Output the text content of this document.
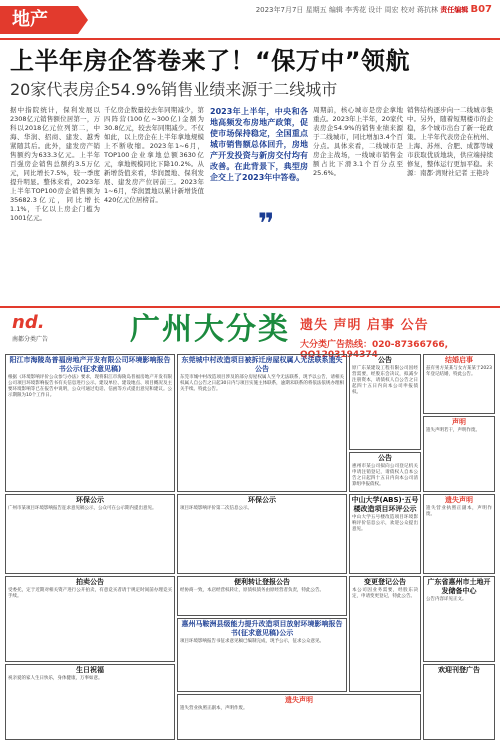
地产	2023年7月7日 星期五 编辑 李秀花 设计 周宏 校对 蒋抗林 责任编辑 B07
上半年房企答卷来了！“保万中”领航
20家代表房企54.9%销售业绩来源于二线城市
据中指院统计，保利发展以2308亿元销售额位居第一，万科以2018亿元位列第二，中海、华润、招商、建发、越秀紧随其后。此外，建发房产销售额约为633.3亿元。上半年百强房企销售总额约3.5万亿元，同比增长7.5%，较一季度提升明显。整体来看，2023年上半年TOP100房企销售额为35682.3亿元，同比增长1.1%，千亿以上房企门槛为1001亿元。
千亿房企数量较去年同期减少，第四阵营(100亿~300亿)金额为30.8亿元，较去年同期减少。不仅如此，以上房企在上半年拿地规模上不断收缩。2023年1~6月，TOP100企业拿地总额3630亿元，拿地规模同比下降10.2%。从新增货值来看，华润置地、保利发展、建发房产位居前三。2023年1~6月，华润置地以累计新增货值420亿元位居榜首。
2023年上半年，中央和各地高频发布房地产政策，促使市场保持稳定，全国重点城市销售额总体回升，房地产开发投资与新房交付均有改善。在此背景下，典型房企交上了2023年中答卷。
❞
周期前，核心城市是房企拿地重点。2023年上半年，20家代表房企54.9%的销售业绩来源于二线城市，同比增加3.4个百分点。具体来看，二线城市是房企主战场，一线城市销售金额占比下滑3.1个百分点至25.6%。
销售结构逐步向一二线城市集中。另外，随着短期楼市的企稳，多个城市出台了新一轮政策。上半年代表房企在杭州、上海、苏州、合肥、成都等城市获取优质地块，供应端持续修复，整体运行更加平稳。来源：南都·湾财社记者 王艳玲
nd.
南都分类广告	广州大分类 遗失 声明 启事 公告
大分类广告热线：020-87366766, QQ1203194374
阳江市海陵岛普福房地产开发有限公司环境影响报告书公示(征求意见稿)
根据《环境影响评价公众参与办法》要求，现将阳江市海陵岛普福房地产开发有限公司项目环境影响报告书有关信息进行公示。建设单位、建设地点、项目概况及主要环境影响等已在报告中说明，公众可通过电话、信函等方式提出意见和建议。公示期限为10个工作日。
东莞城中村改造项目被拆迁房屋权属人无法联系遗失公告
东莞市城中村改造项目涉及的部分房屋权属人至今无法联系，现予以公告，请相关权属人自公告之日起30日内与项目实施主体联系，逾期未联系的将依法依规办理相关手续。特此公告。
公告
原广东某建设工程有限公司因经营需要，经股东会决议，拟减少注册资本，请债权人自公告之日起四十五日内向本公司申报债权。
结婚启事
兹有男方某某与女方某某于2023年登记结婚，特此公告。
公告
惠州市某公司拟向公司登记机关申请注销登记，请债权人自本公告之日起四十五日内向本公司清算组申报债权。
声明
遗失声明若干，声明作废。
环保公示
广州市某项目环境影响报告征求意见稿公示，公众可在公示期内提出意见。
环保公示
项目环境影响评价第二次信息公示。
中山大学(ABS)·五号楼改造项目环评公示
中山大学五号楼改造项目环境影响评价信息公示，欢迎公众提出意见。
遗失声明
遗失营业执照正副本，声明作废。
拍卖公告
受委托，定于近期对相关资产进行公开拍卖，有意竞买者请于规定时间前办理竞买手续。
便利转让登报公告
经协商一致，本店经营权转让，原债权债务由原经营者负责，特此公告。
惠州马鞍洲县级能力提升改造项目放射环境影响报告书(征求意见稿)公示
项目环境影响报告书征求意见稿已编制完成，现予公示，征求公众意见。
变更登记公告
本公司因业务需要，经股东决定，申请变更登记，特此公告。
广东省惠州市土地开发储备中心
公告内容详见正文。
生日祝福
祝亲爱的家人生日快乐，身体健康，万事如意。
遗失声明
遗失营业执照正副本，声明作废。
欢迎刊登广告
